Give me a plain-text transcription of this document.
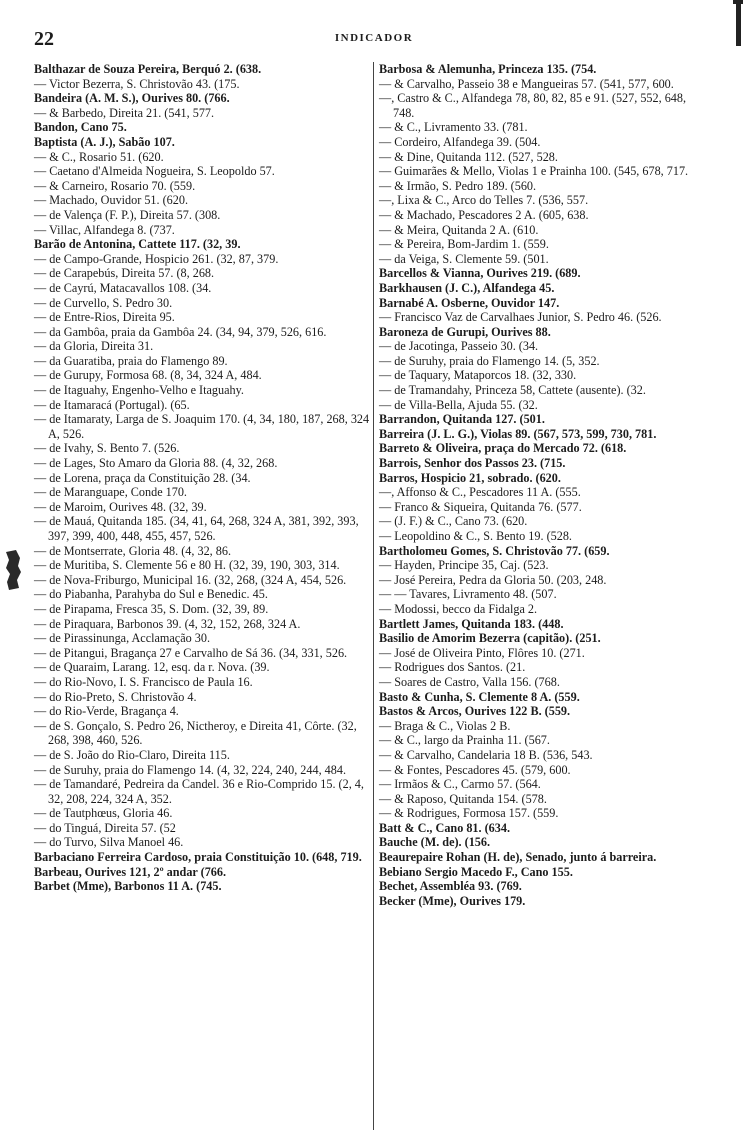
22	INDICADOR

Balthazar de Souza Pereira, Berquó 2. (638.

— Victor Bezerra, S. Christovão 43. (175.

Bandeira (A. M. S.), Ourives 80. (766.

— & Barbedo, Direita 21. (541, 577.

Bandon, Cano 75.

Baptista (A. J.), Sabão 107.

— & C., Rosario 51. (620.

— Caetano d'Almeida Nogueira, S. Leopoldo 57.

— & Carneiro, Rosario 70. (559.

— Machado, Ouvidor 51. (620.

— de Valença (F. P.), Direita 57. (308.

— Villac, Alfandega 8. (737.

Barão de Antonina, Cattete 117. (32, 39.

— de Campo-Grande, Hospicio 261. (32, 87, 379.

— de Carapebús, Direita 57. (8, 268.

— de Cayrú, Matacavallos 108. (34.

— de Curvello, S. Pedro 30.

— de Entre-Rios, Direita 95.

— da Gambôa, praia da Gambôa 24. (34, 94, 379, 526, 616.

— da Gloria, Direita 31.

— da Guaratiba, praia do Flamengo 89.

— de Gurupy, Formosa 68. (8, 34, 324 A, 484.

— de Itaguahy, Engenho-Velho e Itaguahy.

— de Itamaracá (Portugal). (65.

— de Itamaraty, Larga de S. Joaquim 170. (4, 34, 180, 187, 268, 324 A, 526.

— de Ivahy, S. Bento 7. (526.

— de Lages, Sto Amaro da Gloria 88. (4, 32, 268.

— de Lorena, praça da Constituição 28. (34.

— de Maranguape, Conde 170.

— de Maroim, Ourives 48. (32, 39.

— de Mauá, Quitanda 185. (34, 41, 64, 268, 324 A, 381, 392, 393, 397, 399, 400, 448, 455, 457, 526.

— de Montserrate, Gloria 48. (4, 32, 86.

— de Muritiba, S. Clemente 56 e 80 H. (32, 39, 190, 303, 314.

— de Nova-Friburgo, Municipal 16. (32, 268, (324 A, 454, 526.

— do Piabanha, Parahyba do Sul e Benedic. 45.

— de Pirapama, Fresca 35, S. Dom. (32, 39, 89.

— de Piraquara, Barbonos 39. (4, 32, 152, 268, 324 A.

— de Pirassinunga, Acclamação 30.

— de Pitangui, Bragança 27 e Carvalho de Sá 36. (34, 331, 526.

— de Quaraim, Larang. 12, esq. da r. Nova. (39.

— do Rio-Novo, I. S. Francisco de Paula 16.

— do Rio-Preto, S. Christovão 4.

— do Rio-Verde, Bragança 4.

— de S. Gonçalo, S. Pedro 26, Nictheroy, e Direita 41, Côrte. (32, 268, 398, 460, 526.

— de S. João do Rio-Claro, Direita 115.

— de Suruhy, praia do Flamengo 14. (4, 32, 224, 240, 244, 484.

— de Tamandaré, Pedreira da Candel. 36 e Rio-Comprido 15. (2, 4, 32, 208, 224, 324 A, 352.

— de Tautphœus, Gloria 46.

— do Tinguá, Direita 57. (52

— do Turvo, Silva Manoel 46.

Barbaciano Ferreira Cardoso, praia Constituição 10. (648, 719.

Barbeau, Ourives 121, 2º andar (766.

Barbet (Mme), Barbonos 11 A. (745.

Barbosa & Alemunha, Princeza 135. (754.

— & Carvalho, Passeio 38 e Mangueiras 57. (541, 577, 600.

—, Castro & C., Alfandega 78, 80, 82, 85 e 91. (527, 552, 648, 748.

— & C., Livramento 33. (781.

— Cordeiro, Alfandega 39. (504.

— & Dine, Quitanda 112. (527, 528.

— Guimarães & Mello, Violas 1 e Prainha 100. (545, 678, 717.

— & Irmão, S. Pedro 189. (560.

—, Lixa & C., Arco do Telles 7. (536, 557.

— & Machado, Pescadores 2 A. (605, 638.

— & Meira, Quitanda 2 A. (610.

— & Pereira, Bom-Jardim 1. (559.

— da Veiga, S. Clemente 59. (501.

Barcellos & Vianna, Ourives 219. (689.

Barkhausen (J. C.), Alfandega 45.

Barnabé A. Osberne, Ouvidor 147.

— Francisco Vaz de Carvalhaes Junior, S. Pedro 46. (526.

Baroneza de Gurupi, Ourives 88.

— de Jacotinga, Passeio 30. (34.

— de Suruhy, praia do Flamengo 14. (5, 352.

— de Taquary, Mataporcos 18. (32, 330.

— de Tramandahy, Princeza 58, Cattete (ausente). (32.

— de Villa-Bella, Ajuda 55. (32.

Barrandon, Quitanda 127. (501.

Barreira (J. L. G.), Violas 89. (567, 573, 599, 730, 781.

Barreto & Oliveira, praça do Mercado 72. (618.

Barrois, Senhor dos Passos 23. (715.

Barros, Hospicio 21, sobrado. (620.

—, Affonso & C., Pescadores 11 A. (555.

— Franco & Siqueira, Quitanda 76. (577.

— (J. F.) & C., Cano 73. (620.

— Leopoldino & C., S. Bento 19. (528.

Bartholomeu Gomes, S. Christovão 77. (659.

— Hayden, Principe 35, Caj. (523.

— José Pereira, Pedra da Gloria 50. (203, 248.

— — Tavares, Livramento 48. (507.

— Modossi, becco da Fidalga 2.

Bartlett James, Quitanda 183. (448.

Basilio de Amorim Bezerra (capitão). (251.

— José de Oliveira Pinto, Flôres 10. (271.

— Rodrigues dos Santos. (21.

— Soares de Castro, Valla 156. (768.

Basto & Cunha, S. Clemente 8 A. (559.

Bastos & Arcos, Ourives 122 B. (559.

— Braga & C., Violas 2 B.

— & C., largo da Prainha 11. (567.

— & Carvalho, Candelaria 18 B. (536, 543.

— & Fontes, Pescadores 45. (579, 600.

— Irmãos & C., Carmo 57. (564.

— & Raposo, Quitanda 154. (578.

— & Rodrigues, Formosa 157. (559.

Batt & C., Cano 81. (634.

Bauche (M. de). (156.

Beaurepaire Rohan (H. de), Senado, junto á barreira.

Bebiano Sergio Macedo F., Cano 155.

Bechet, Assembléa 93. (769.

Becker (Mme), Ourives 179.
